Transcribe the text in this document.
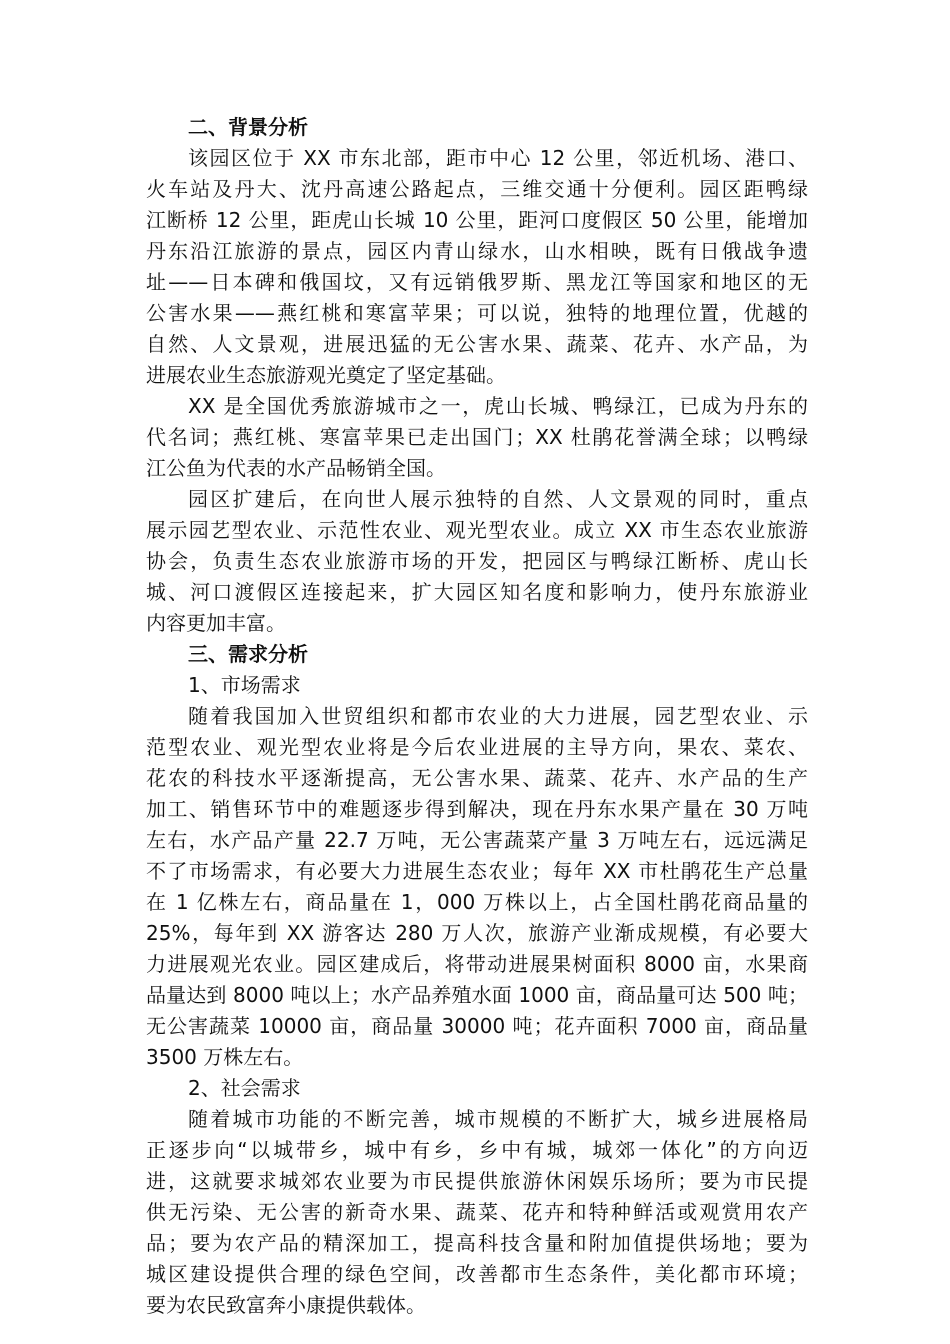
二、背景分析
该园区位于 XX 市东北部，距市中心 12 公里，邻近机场、港口、
火车站及丹大、沈丹高速公路起点，三维交通十分便利。园区距鸭绿
江断桥 12 公里，距虎山长城 10 公里，距河口度假区 50 公里，能增加
丹东沿江旅游的景点，园区内青山绿水，山水相映，既有日俄战争遗
址——日本碑和俄国坟，又有远销俄罗斯、黑龙江等国家和地区的无
公害水果——燕红桃和寒富苹果；可以说，独特的地理位置，优越的
自然、人文景观，进展迅猛的无公害水果、蔬菜、花卉、水产品，为
进展农业生态旅游观光奠定了坚定基础。
XX 是全国优秀旅游城市之一，虎山长城、鸭绿江，已成为丹东的
代名词；燕红桃、寒富苹果已走出国门；XX 杜鹃花誉满全球；以鸭绿
江公鱼为代表的水产品畅销全国。
园区扩建后，在向世人展示独特的自然、人文景观的同时，重点
展示园艺型农业、示范性农业、观光型农业。成立 XX 市生态农业旅游
协会，负责生态农业旅游市场的开发，把园区与鸭绿江断桥、虎山长
城、河口渡假区连接起来，扩大园区知名度和影响力，使丹东旅游业
内容更加丰富。
三、需求分析
1、市场需求
随着我国加入世贸组织和都市农业的大力进展，园艺型农业、示
范型农业、观光型农业将是今后农业进展的主导方向，果农、菜农、
花农的科技水平逐渐提高，无公害水果、蔬菜、花卉、水产品的生产
加工、销售环节中的难题逐步得到解决，现在丹东水果产量在 30 万吨
左右，水产品产量 22.7 万吨，无公害蔬菜产量 3 万吨左右，远远满足
不了市场需求，有必要大力进展生态农业；每年 XX 市杜鹃花生产总量
在 1 亿株左右，商品量在 1，000 万株以上，占全国杜鹃花商品量的
25%，每年到 XX 游客达 280 万人次，旅游产业渐成规模，有必要大
力进展观光农业。园区建成后，将带动进展果树面积 8000 亩，水果商
品量达到 8000 吨以上；水产品养殖水面 1000 亩，商品量可达 500 吨；
无公害蔬菜 10000 亩，商品量 30000 吨；花卉面积 7000 亩，商品量
3500 万株左右。
2、社会需求
随着城市功能的不断完善，城市规模的不断扩大，城乡进展格局
正逐步向“以城带乡，城中有乡，乡中有城，城郊一体化”的方向迈
进，这就要求城郊农业要为市民提供旅游休闲娱乐场所；要为市民提
供无污染、无公害的新奇水果、蔬菜、花卉和特种鲜活或观赏用农产
品；要为农产品的精深加工，提高科技含量和附加值提供场地；要为
城区建设提供合理的绿色空间，改善都市生态条件，美化都市环境；
要为农民致富奔小康提供载体。
